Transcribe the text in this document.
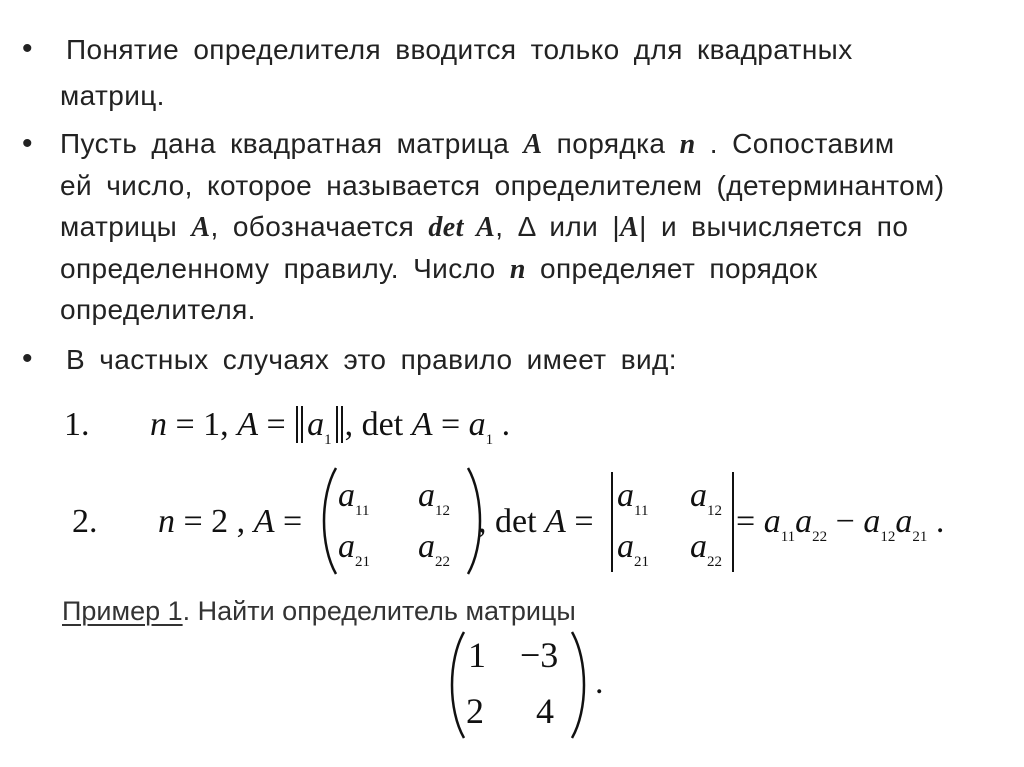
• Понятие определителя вводится только для квадратных
матриц.
• Пусть дана квадратная матрица A порядка n . Сопоставим
ей число, которое называется определителем (детерминантом)
матрицы A, обозначается det A, Δ или |A| и вычисляется по
определенному правилу. Число n определяет порядок
определителя.
• В частных случаях это правило имеет вид:
1. n = 1, $A = a_1$ , $\det A = a_1$ .
2. n = 2 , A =
$a_{11}$ $a_{12}$
$a_{21}$ $a_{22}$
, det A =
$a_{11}$ $a_{12}$
$a_{21}$ $a_{22}$
= $a_{11}a_{22} - a_{12}a_{21}$ .
Пример 1. Найти определитель матрицы
1 −3
2 4
.
